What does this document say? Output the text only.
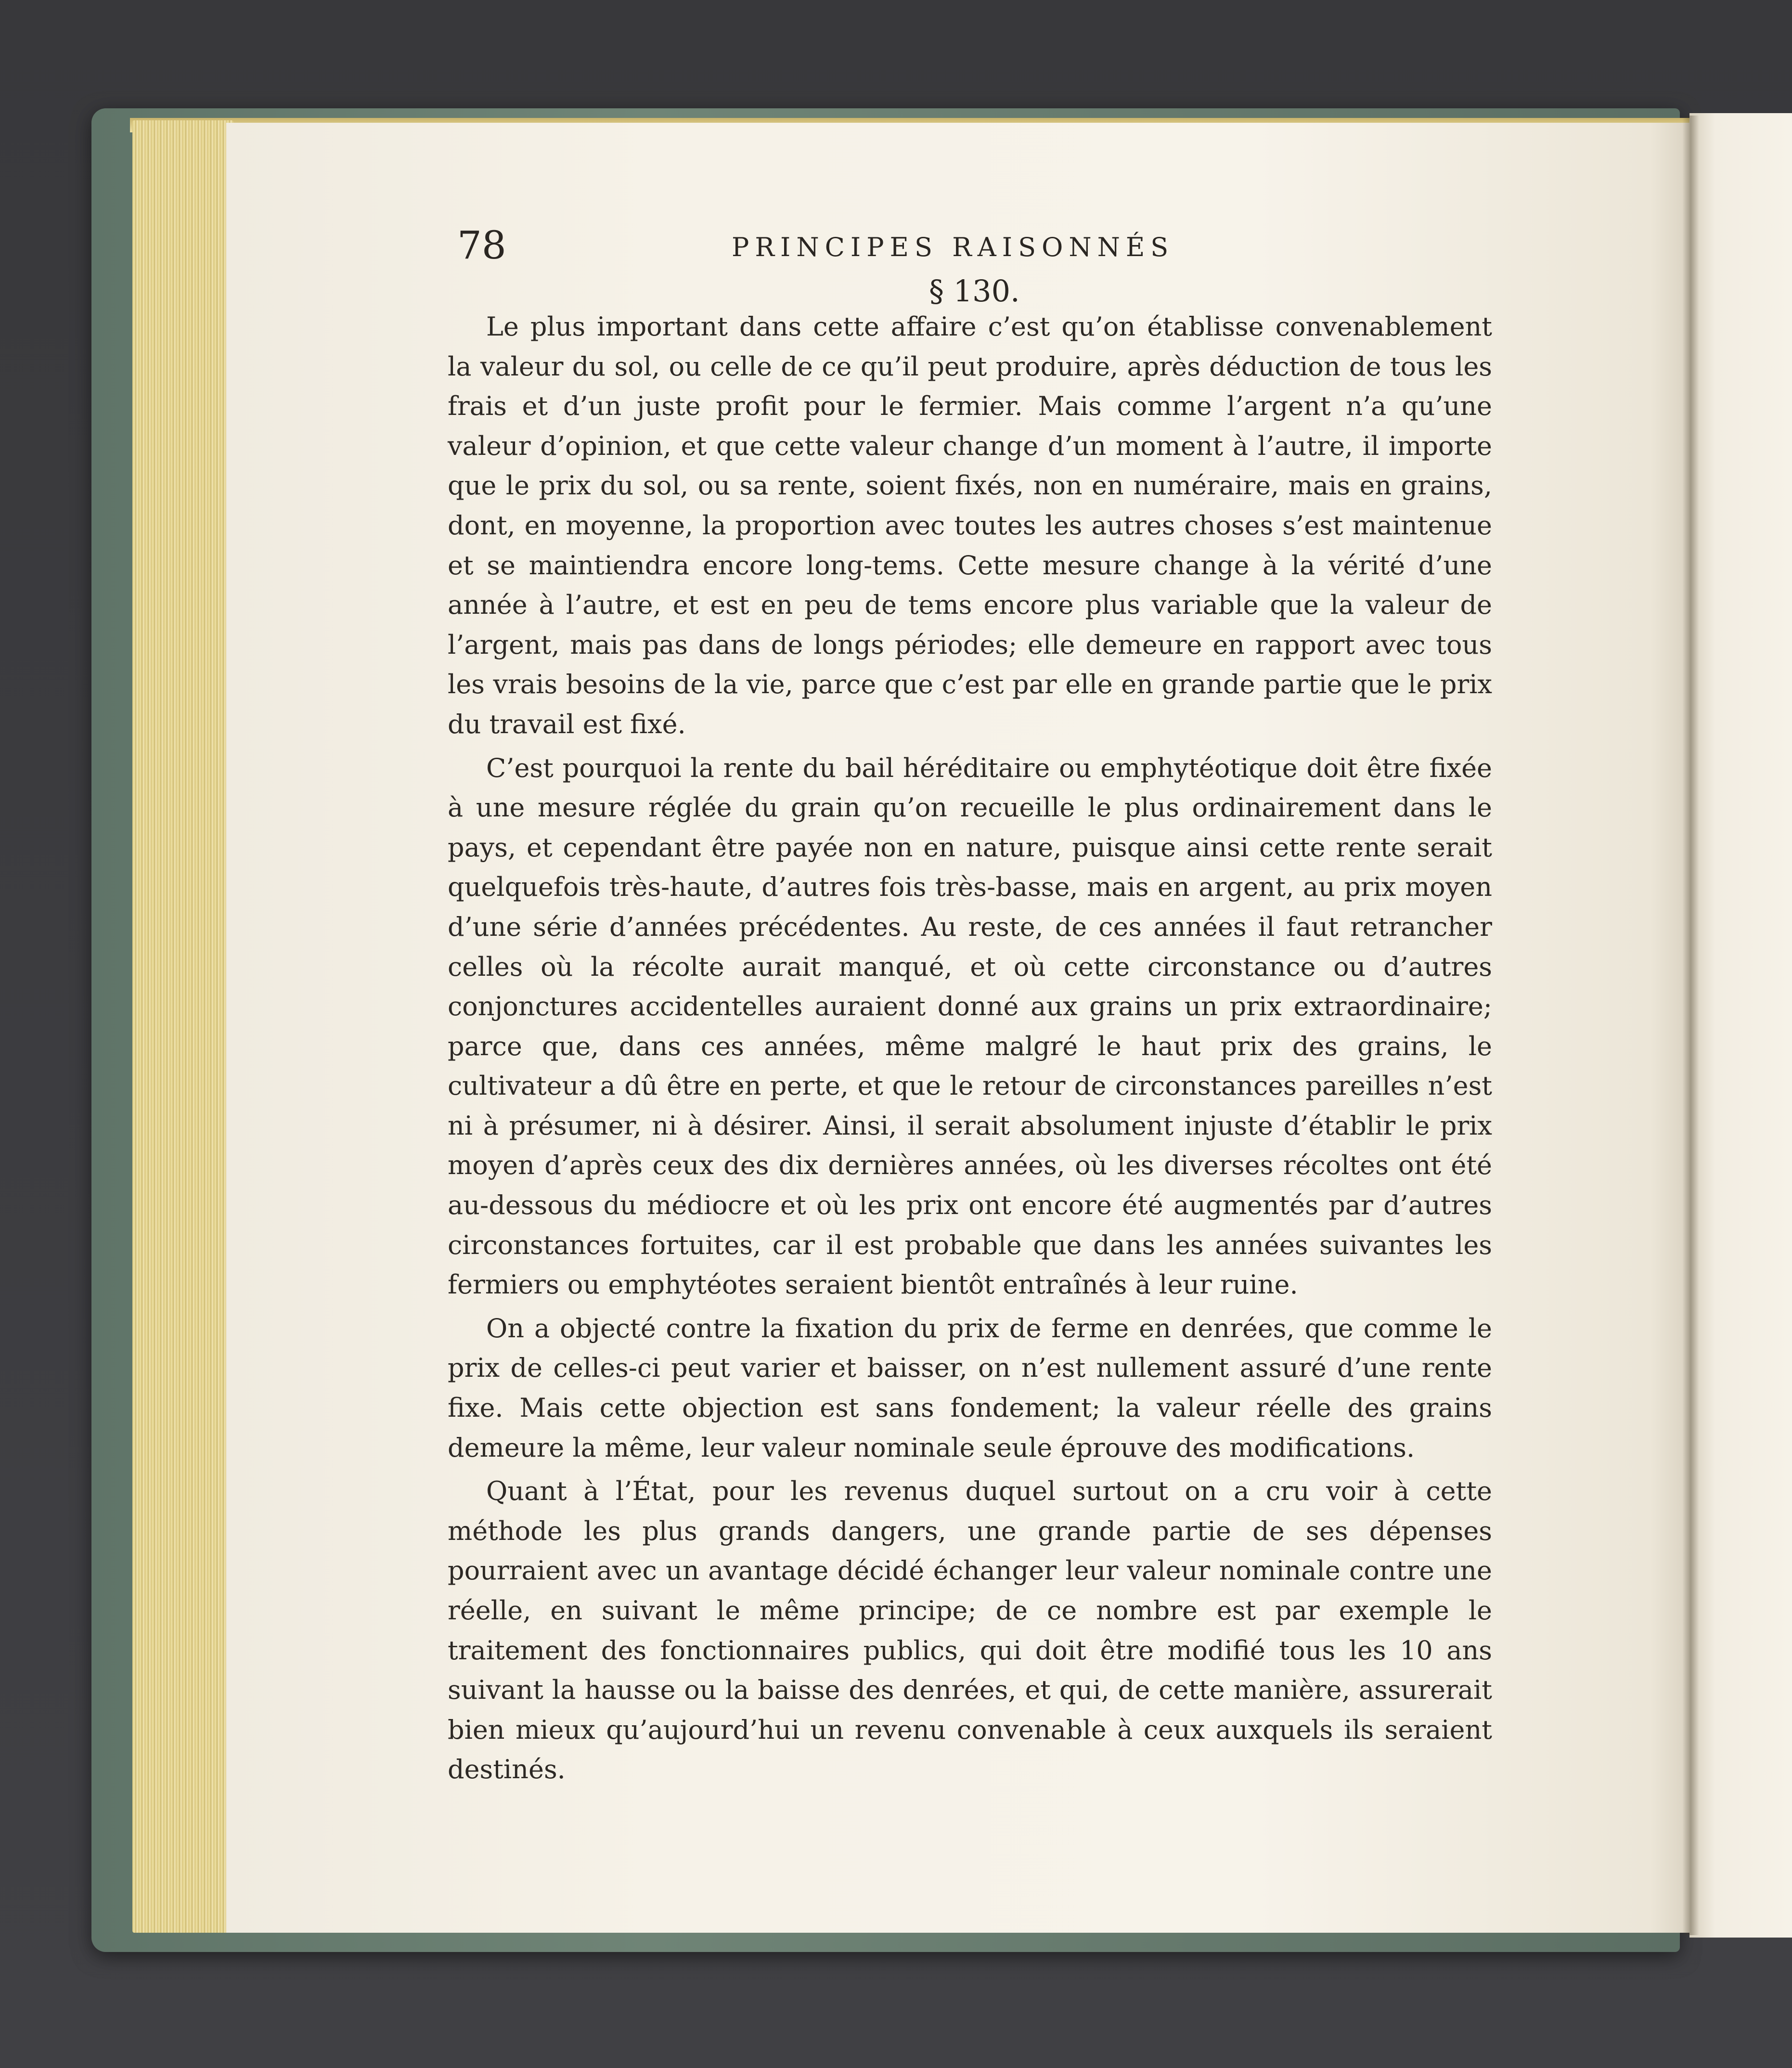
78	PRINCIPES RAISONNÉS
§ 130.

Le plus important dans cette affaire c’est qu’on établisse convenablement la valeur du sol, ou celle de ce qu’il peut produire, après déduction de tous les frais et d’un juste profit pour le fermier. Mais comme l’argent n’a qu’une valeur d’opinion, et que cette valeur change d’un moment à l’autre, il importe que le prix du sol, ou sa rente, soient fixés, non en numéraire, mais en grains, dont, en moyenne, la proportion avec toutes les autres choses s’est maintenue et se maintiendra encore long-tems. Cette mesure change à la vérité d’une année à l’autre, et est en peu de tems encore plus variable que la valeur de l’argent, mais pas dans de longs périodes; elle demeure en rapport avec tous les vrais besoins de la vie, parce que c’est par elle en grande partie que le prix du travail est fixé.

C’est pourquoi la rente du bail héréditaire ou emphytéotique doit être fixée à une mesure réglée du grain qu’on recueille le plus ordinairement dans le pays, et cependant être payée non en nature, puisque ainsi cette rente serait quelquefois très-haute, d’autres fois très-basse, mais en argent, au prix moyen d’une série d’années précédentes. Au reste, de ces années il faut retrancher celles où la récolte aurait manqué, et où cette circonstance ou d’autres conjonctures accidentelles auraient donné aux grains un prix extraordinaire; parce que, dans ces années, même malgré le haut prix des grains, le cultivateur a dû être en perte, et que le retour de circonstances pareilles n’est ni à présumer, ni à désirer. Ainsi, il serait absolument injuste d’établir le prix moyen d’après ceux des dix dernières années, où les diverses récoltes ont été au-dessous du médiocre et où les prix ont encore été augmentés par d’autres circonstances fortuites, car il est probable que dans les années suivantes les fermiers ou emphytéotes seraient bientôt entraînés à leur ruine.

On a objecté contre la fixation du prix de ferme en denrées, que comme le prix de celles-ci peut varier et baisser, on n’est nullement assuré d’une rente fixe. Mais cette objection est sans fondement; la valeur réelle des grains demeure la même, leur valeur nominale seule éprouve des modifications.

Quant à l’État, pour les revenus duquel surtout on a cru voir à cette méthode les plus grands dangers, une grande partie de ses dépenses pourraient avec un avantage décidé échanger leur valeur nominale contre une réelle, en suivant le même principe; de ce nombre est par exemple le traitement des fonctionnaires publics, qui doit être modifié tous les 10 ans suivant la hausse ou la baisse des denrées, et qui, de cette manière, assurerait bien mieux qu’aujourd’hui un revenu convenable à ceux auxquels ils seraient destinés.
